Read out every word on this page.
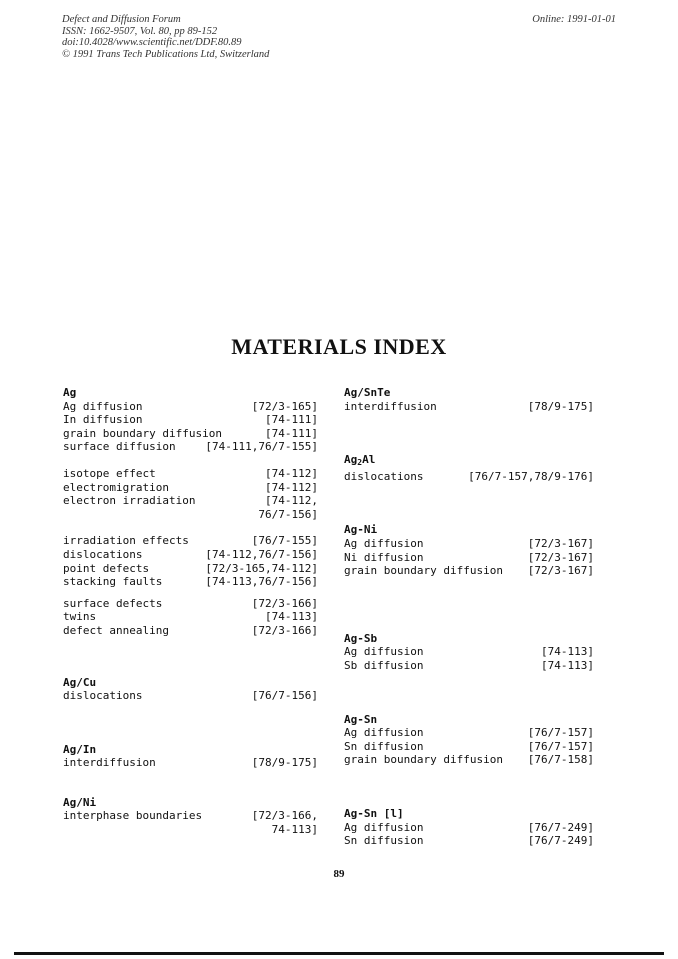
Defect and Diffusion Forum
ISSN: 1662-9507, Vol. 80, pp 89-152
doi:10.4028/www.scientific.net/DDF.80.89
© 1991 Trans Tech Publications Ltd, Switzerland
Online: 1991-01-01
MATERIALS INDEX
Ag
Ag diffusion	[72/3-165]
In diffusion	[74-111]
grain boundary diffusion	[74-111]
surface diffusion	[74-111,76/7-155]
isotope effect	[74-112]
electromigration	[74-112]
electron irradiation	[74-112,
76/7-156]
irradiation effects	[76/7-155]
dislocations	[74-112,76/7-156]
point defects	[72/3-165,74-112]
stacking faults	[74-113,76/7-156]
surface defects	[72/3-166]
twins	[74-113]
defect annealing	[72/3-166]
Ag/Cu
dislocations	[76/7-156]
Ag/In
interdiffusion	[78/9-175]
Ag/Ni
interphase boundaries	[72/3-166,
74-113]
Ag/SnTe
interdiffusion	[78/9-175]
$Ag_2Al$
dislocations	[76/7-157,78/9-176]
Ag-Ni
Ag diffusion	[72/3-167]
Ni diffusion	[72/3-167]
grain boundary diffusion [72/3-167]
Ag-Sb
Ag diffusion	[74-113]
Sb diffusion	[74-113]
Ag-Sn
Ag diffusion	[76/7-157]
Sn diffusion	[76/7-157]
grain boundary diffusion [76/7-158]
Ag-Sn [l]
Ag diffusion	[76/7-249]
Sn diffusion	[76/7-249]
89
